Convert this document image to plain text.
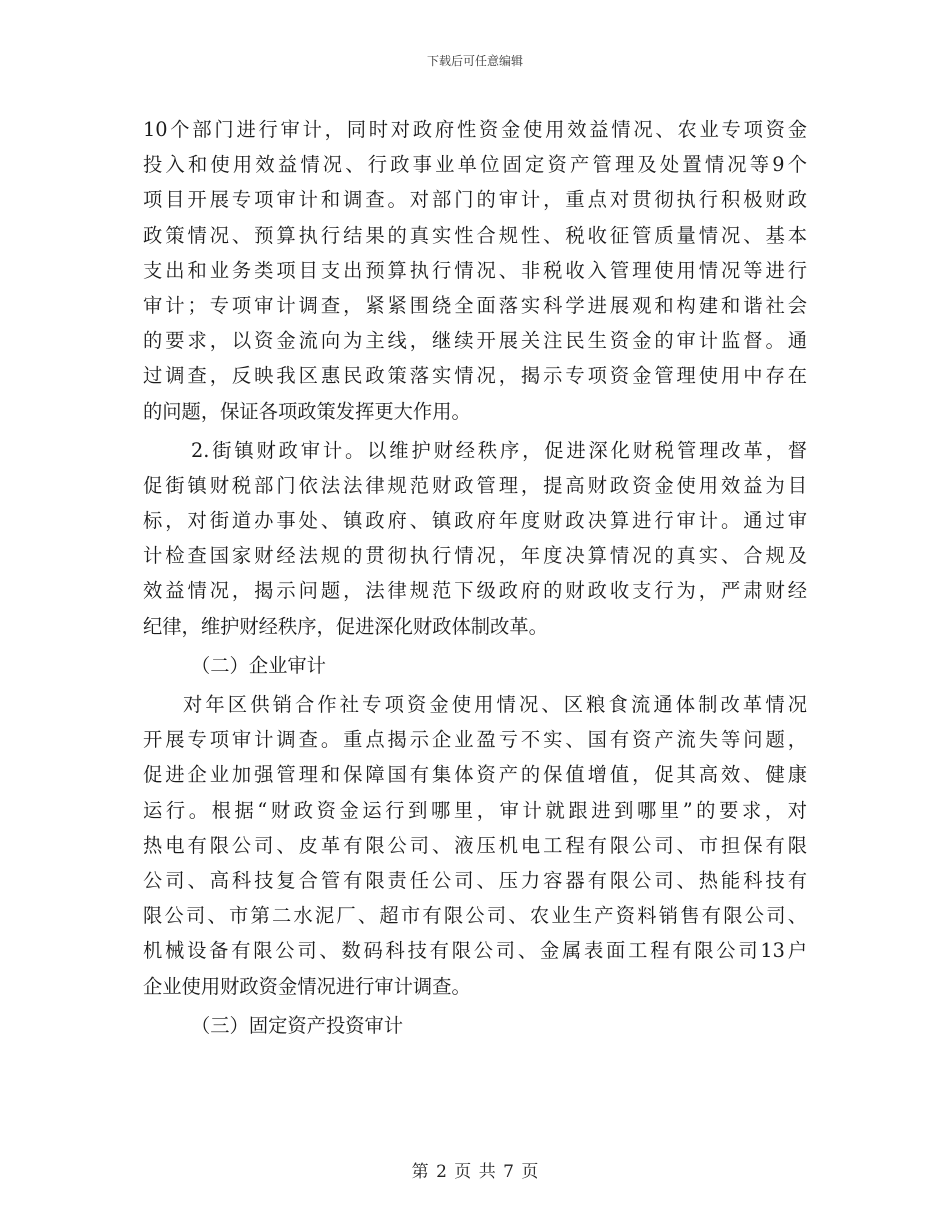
下载后可任意编辑
10个部门进行审计，同时对政府性资金使用效益情况、农业专项资金
投入和使用效益情况、行政事业单位固定资产管理及处置情况等9个
项目开展专项审计和调查。对部门的审计，重点对贯彻执行积极财政
政策情况、预算执行结果的真实性合规性、税收征管质量情况、基本
支出和业务类项目支出预算执行情况、非税收入管理使用情况等进行
审计；专项审计调查，紧紧围绕全面落实科学进展观和构建和谐社会
的要求，以资金流向为主线，继续开展关注民生资金的审计监督。通
过调查，反映我区惠民政策落实情况，揭示专项资金管理使用中存在
的问题，保证各项政策发挥更大作用。
2.街镇财政审计。以维护财经秩序，促进深化财税管理改革，督
促街镇财税部门依法法律规范财政管理，提高财政资金使用效益为目
标，对街道办事处、镇政府、镇政府年度财政决算进行审计。通过审
计检查国家财经法规的贯彻执行情况，年度决算情况的真实、合规及
效益情况，揭示问题，法律规范下级政府的财政收支行为，严肃财经
纪律，维护财经秩序，促进深化财政体制改革。
（二）企业审计
对年区供销合作社专项资金使用情况、区粮食流通体制改革情况
开展专项审计调查。重点揭示企业盈亏不实、国有资产流失等问题，
促进企业加强管理和保障国有集体资产的保值增值，促其高效、健康
运行。根据“财政资金运行到哪里，审计就跟进到哪里”的要求，对
热电有限公司、皮革有限公司、液压机电工程有限公司、市担保有限
公司、高科技复合管有限责任公司、压力容器有限公司、热能科技有
限公司、市第二水泥厂、超市有限公司、农业生产资料销售有限公司、
机械设备有限公司、数码科技有限公司、金属表面工程有限公司13户
企业使用财政资金情况进行审计调查。
（三）固定资产投资审计
第 2 页 共 7 页
